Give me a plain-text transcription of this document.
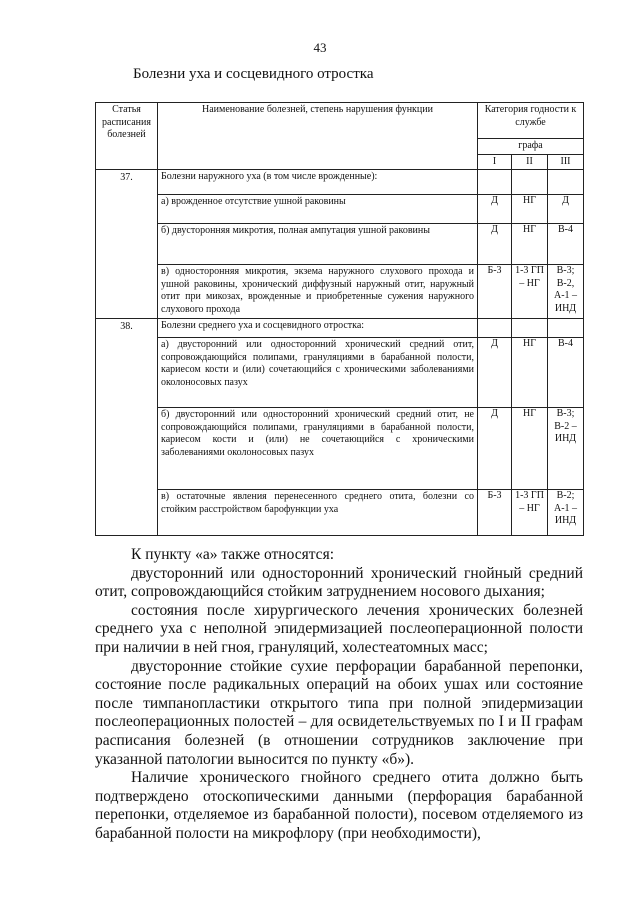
43
Болезни уха и сосцевидного отростка
Статья расписания болезней	Наименование болезней, степень нарушения функции	Категория годности к службе		
		графа		
		I	II	III
37.	Болезни наружного уха (в том числе врожденные):			
	а) врожденное отсутствие ушной раковины	Д	НГ	Д
	б) двусторонняя микротия, полная ампутация ушной раковины	Д	НГ	В-4
	в) односторонняя микротия, экзема наружного слухового прохода и ушной раковины, хронический диффузный наружный отит, наружный отит при микозах, врожденные и приобретенные сужения наружного слухового прохода	Б-3	1-3 ГП – НГ	В-3; В-2, А-1 – ИНД
38.	Болезни среднего уха и сосцевидного отростка:			
	а) двусторонний или односторонний хронический средний отит, сопровождающийся полипами, грануляциями в барабанной полости, кариесом кости и (или) сочетающийся с хроническими заболеваниями околоносовых пазух	Д	НГ	В-4
	б) двусторонний или односторонний хронический средний отит, не сопровождающийся полипами, грануляциями в барабанной полости, кариесом кости и (или) не сочетающийся с хроническими заболеваниями околоносовых пазух	Д	НГ	В-3; В-2 – ИНД
	в) остаточные явления перенесенного среднего отита, болезни со стойким расстройством барофункции уха	Б-3	1-3 ГП – НГ	В-2; А-1 – ИНД

К пункту «а» также относятся:

двусторонний или односторонний хронический гнойный средний отит, сопровождающийся стойким затруднением носового дыхания;

состояния после хирургического лечения хронических болезней среднего уха с неполной эпидермизацией послеоперационной полости при наличии в ней гноя, грануляций, холестеатомных масс;

двусторонние стойкие сухие перфорации барабанной перепонки, состояние после радикальных операций на обоих ушах или состояние после тимпанопластики открытого типа при полной эпидермизации послеоперационных полостей – для освидетельствуемых по I и II графам расписания болезней (в отношении сотрудников заключение при указанной патологии выносится по пункту «б»).

Наличие хронического гнойного среднего отита должно быть подтверждено отоскопическими данными (перфорация барабанной перепонки, отделяемое из барабанной полости), посевом отделяемого из барабанной полости на микрофлору (при необходимости),
